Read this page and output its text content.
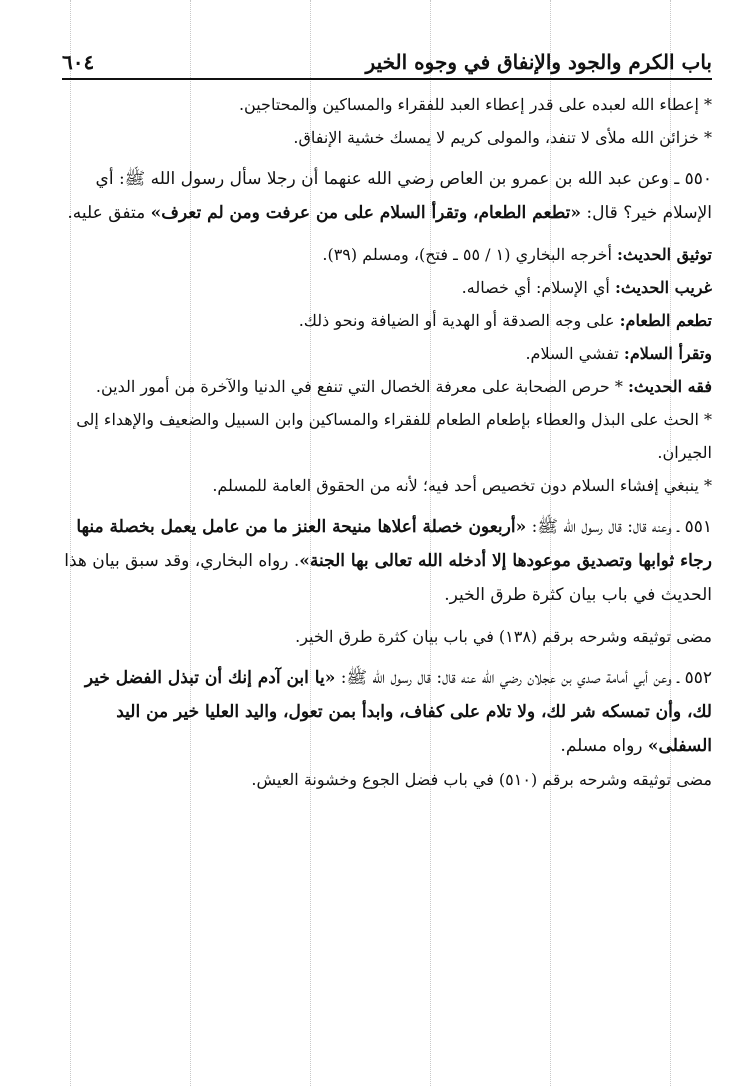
باب الكرم والجود والإنفاق في وجوه الخير
٦٠٤

* إعطاء الله لعبده على قدر إعطاء العبد للفقراء والمساكين والمحتاجين.

* خزائن الله ملأى لا تنفد، والمولى كريم لا يمسك خشية الإنفاق.

٥٥٠ ـ وعن عبد الله بن عمرو بن العاص رضي الله عنهما أن رجلا سأل رسول الله ﷺ: أي الإسلام خير؟ قال: «تطعم الطعام، وتقرأ السلام على من عرفت ومن لم تعرف» متفق عليه.

توثيق الحديث: أخرجه البخاري (١ / ٥٥ ـ فتح)، ومسلم (٣٩).

غريب الحديث: أي الإسلام: أي خصاله.

تطعم الطعام: على وجه الصدقة أو الهدية أو الضيافة ونحو ذلك.

وتقرأ السلام: تفشي السلام.

فقه الحديث: * حرص الصحابة على معرفة الخصال التي تنفع في الدنيا والآخرة من أمور الدين.

* الحث على البذل والعطاء بإطعام الطعام للفقراء والمساكين وابن السبيل والضعيف والإهداء إلى الجيران.

* ينبغي إفشاء السلام دون تخصيص أحد فيه؛ لأنه من الحقوق العامة للمسلم.

٥٥١ ـ وعنه قال: قال رسول الله ﷺ: «أربعون خصلة أعلاها منيحة العنز ما من عامل يعمل بخصلة منها رجاء ثوابها وتصديق موعودها إلا أدخله الله تعالى بها الجنة». رواه البخاري، وقد سبق بيان هذا الحديث في باب بيان كثرة طرق الخير.

مضى توثيقه وشرحه برقم (١٣٨) في باب بيان كثرة طرق الخير.

٥٥٢ ـ وعن أبي أمامة صدي بن عجلان رضي الله عنه قال: قال رسول الله ﷺ: «يا ابن آدم إنك أن تبذل الفضل خير لك، وأن تمسكه شر لك، ولا تلام على كفاف، وابدأ بمن تعول، واليد العليا خير من اليد السفلى» رواه مسلم.

مضى توثيقه وشرحه برقم (٥١٠) في باب فضل الجوع وخشونة العيش.
